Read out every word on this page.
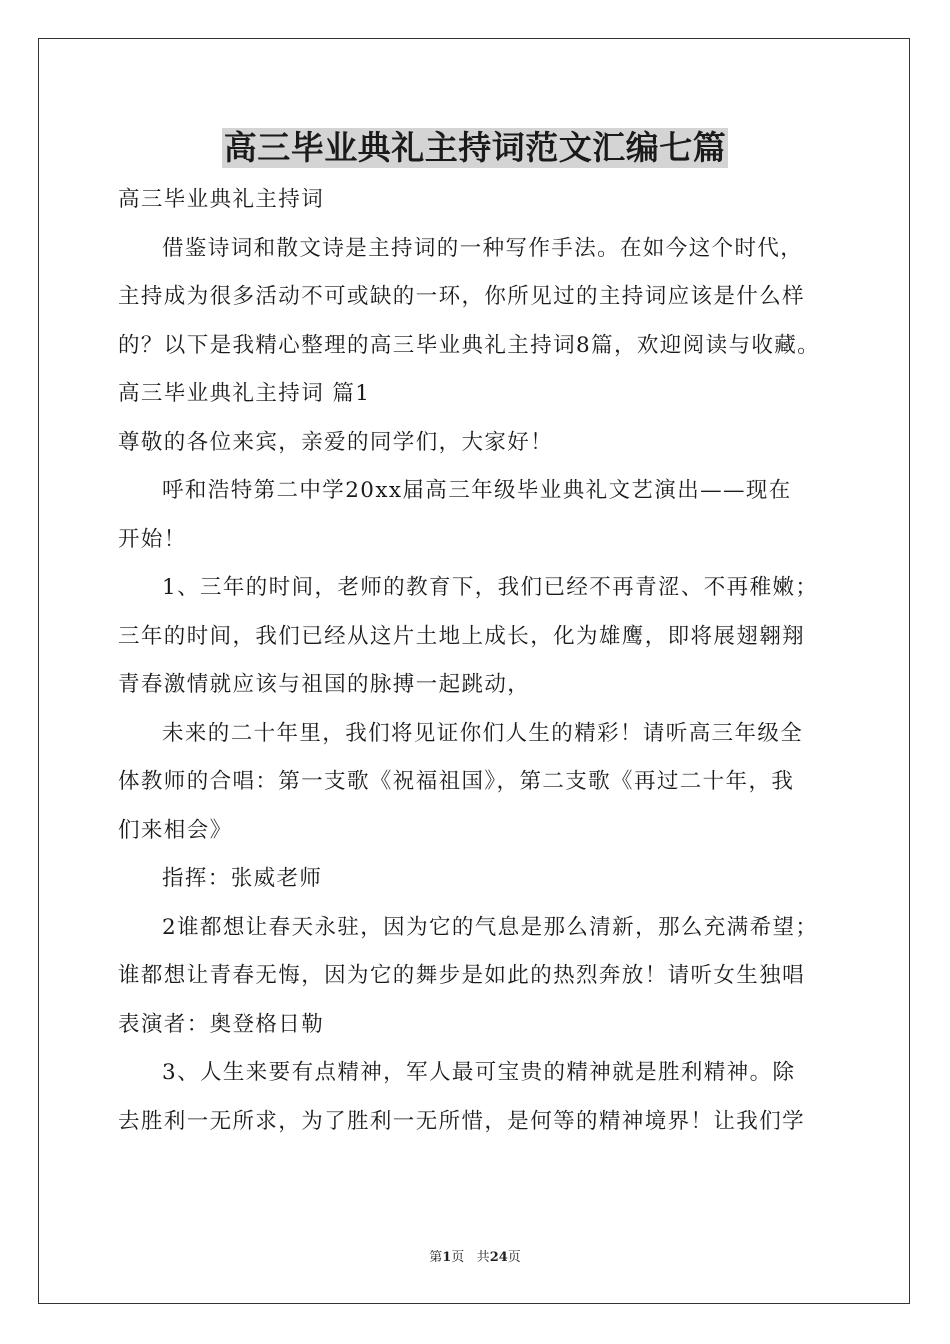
高三毕业典礼主持词范文汇编七篇
高三毕业典礼主持词
借鉴诗词和散文诗是主持词的一种写作手法。在如今这个时代，
主持成为很多活动不可或缺的一环，你所见过的主持词应该是什么样
的？以下是我精心整理的高三毕业典礼主持词8篇，欢迎阅读与收藏。
高三毕业典礼主持词 篇1
尊敬的各位来宾，亲爱的同学们，大家好！
呼和浩特第二中学20xx届高三年级毕业典礼文艺演出——现在
开始！
1、三年的时间，老师的教育下，我们已经不再青涩、不再稚嫩；
三年的时间，我们已经从这片土地上成长，化为雄鹰，即将展翅翱翔
青春激情就应该与祖国的脉搏一起跳动，
未来的二十年里，我们将见证你们人生的精彩！请听高三年级全
体教师的合唱：第一支歌《祝福祖国》，第二支歌《再过二十年，我
们来相会》
指挥：张威老师
2谁都想让春天永驻，因为它的气息是那么清新，那么充满希望；
谁都想让青春无悔，因为它的舞步是如此的热烈奔放！请听女生独唱
表演者：奥登格日勒
3、人生来要有点精神，军人最可宝贵的精神就是胜利精神。除
去胜利一无所求，为了胜利一无所惜，是何等的精神境界！让我们学
第1页 共24页
